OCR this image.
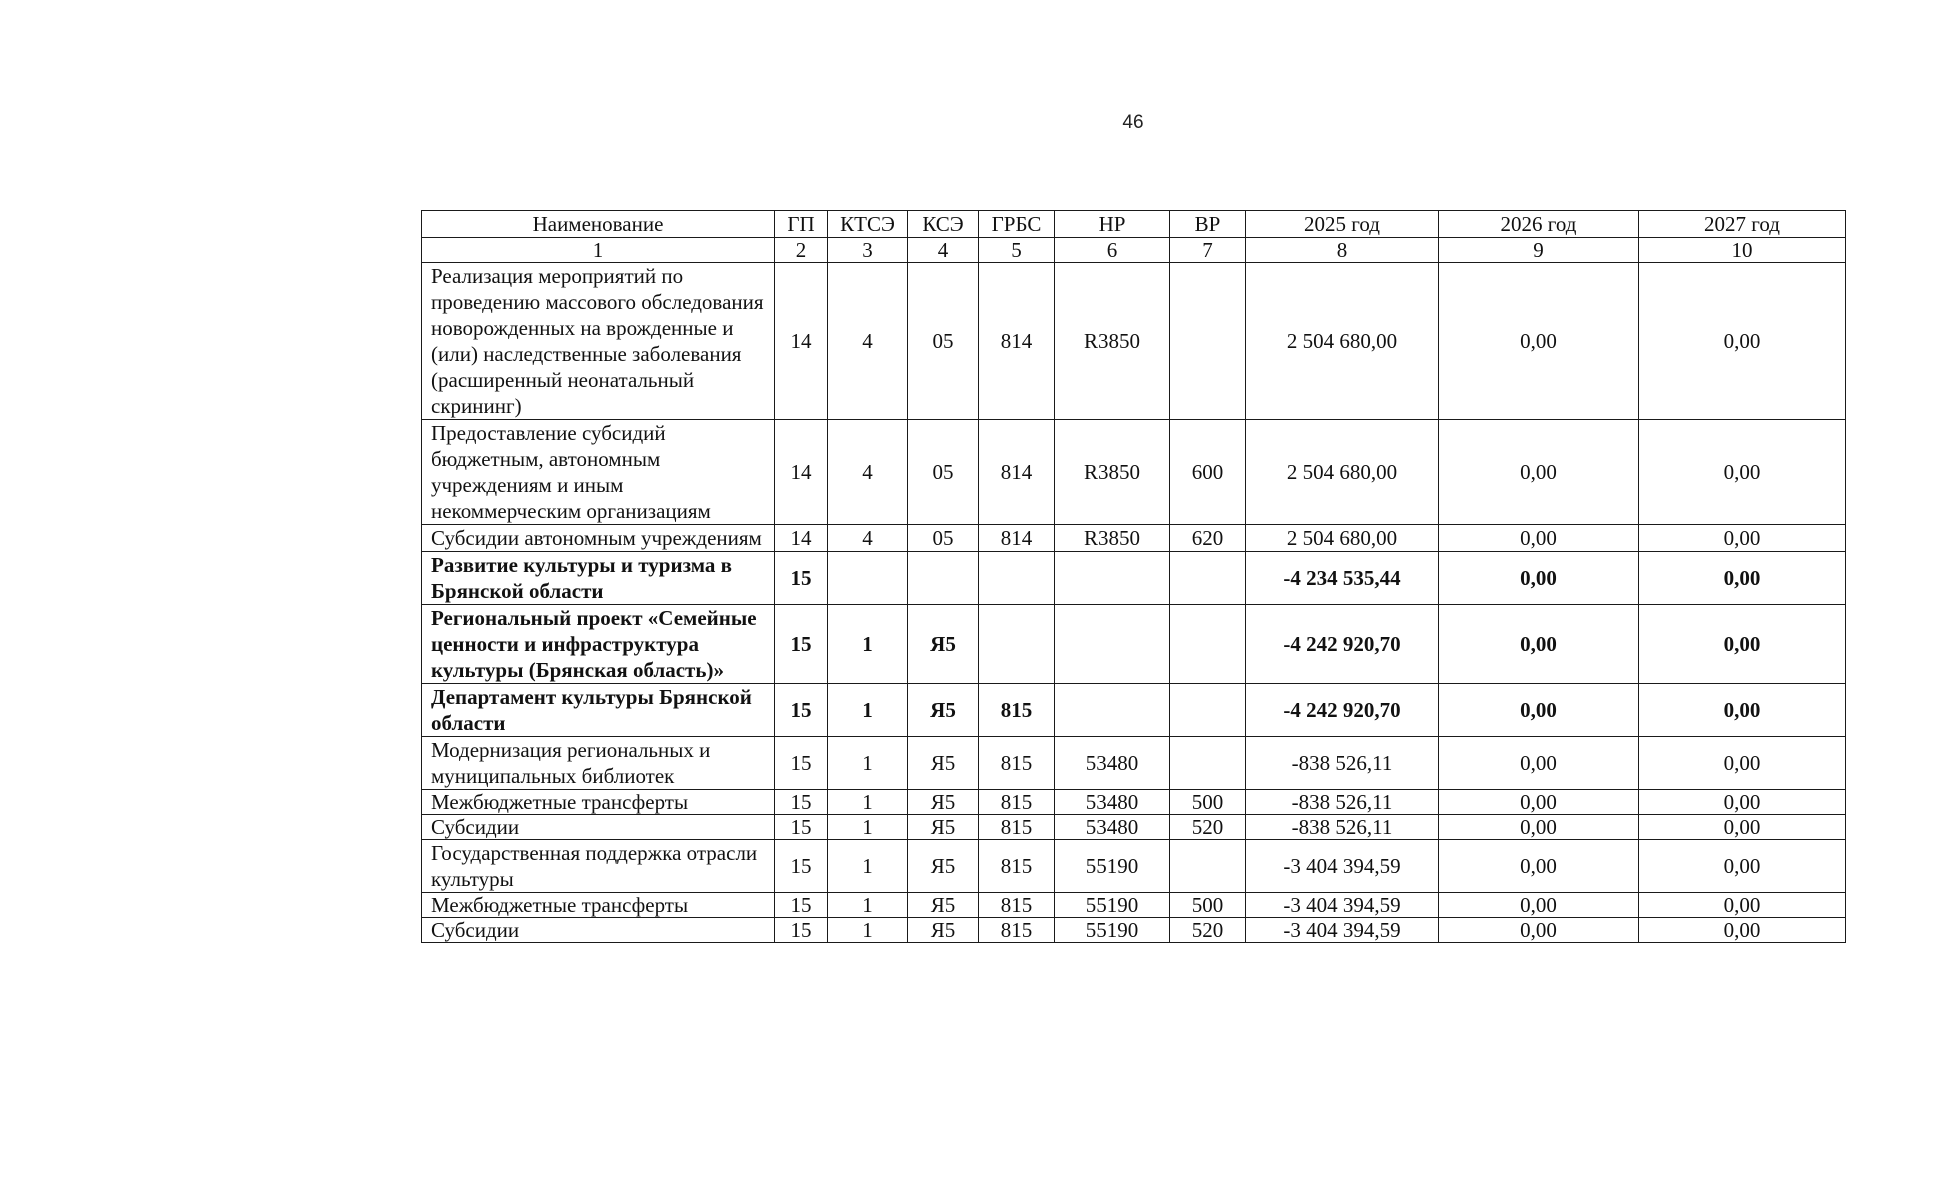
46
Наименование	ГП	КТСЭ	КСЭ	ГРБС	НР	ВР	2025 год	2026 год	2027 год
1	2	3	4	5	6	7	8	9	10
Реализация мероприятий по проведению массового обследования новорожденных на врожденные и (или) наследственные заболевания (расширенный неонатальный скрининг)	14	4	05	814	R3850		2 504 680,00	0,00	0,00
Предоставление субсидий бюджетным, автономным учреждениям и иным некоммерческим организациям	14	4	05	814	R3850	600	2 504 680,00	0,00	0,00
Субсидии автономным учреждениям	14	4	05	814	R3850	620	2 504 680,00	0,00	0,00
Развитие культуры и туризма в Брянской области	15						-4 234 535,44	0,00	0,00
Региональный проект «Семейные ценности и инфраструктура культуры (Брянская область)»	15	1	Я5				-4 242 920,70	0,00	0,00
Департамент культуры Брянской области	15	1	Я5	815			-4 242 920,70	0,00	0,00
Модернизация региональных и муниципальных библиотек	15	1	Я5	815	53480		-838 526,11	0,00	0,00
Межбюджетные трансферты	15	1	Я5	815	53480	500	-838 526,11	0,00	0,00
Субсидии	15	1	Я5	815	53480	520	-838 526,11	0,00	0,00
Государственная поддержка отрасли культуры	15	1	Я5	815	55190		-3 404 394,59	0,00	0,00
Межбюджетные трансферты	15	1	Я5	815	55190	500	-3 404 394,59	0,00	0,00
Субсидии	15	1	Я5	815	55190	520	-3 404 394,59	0,00	0,00
